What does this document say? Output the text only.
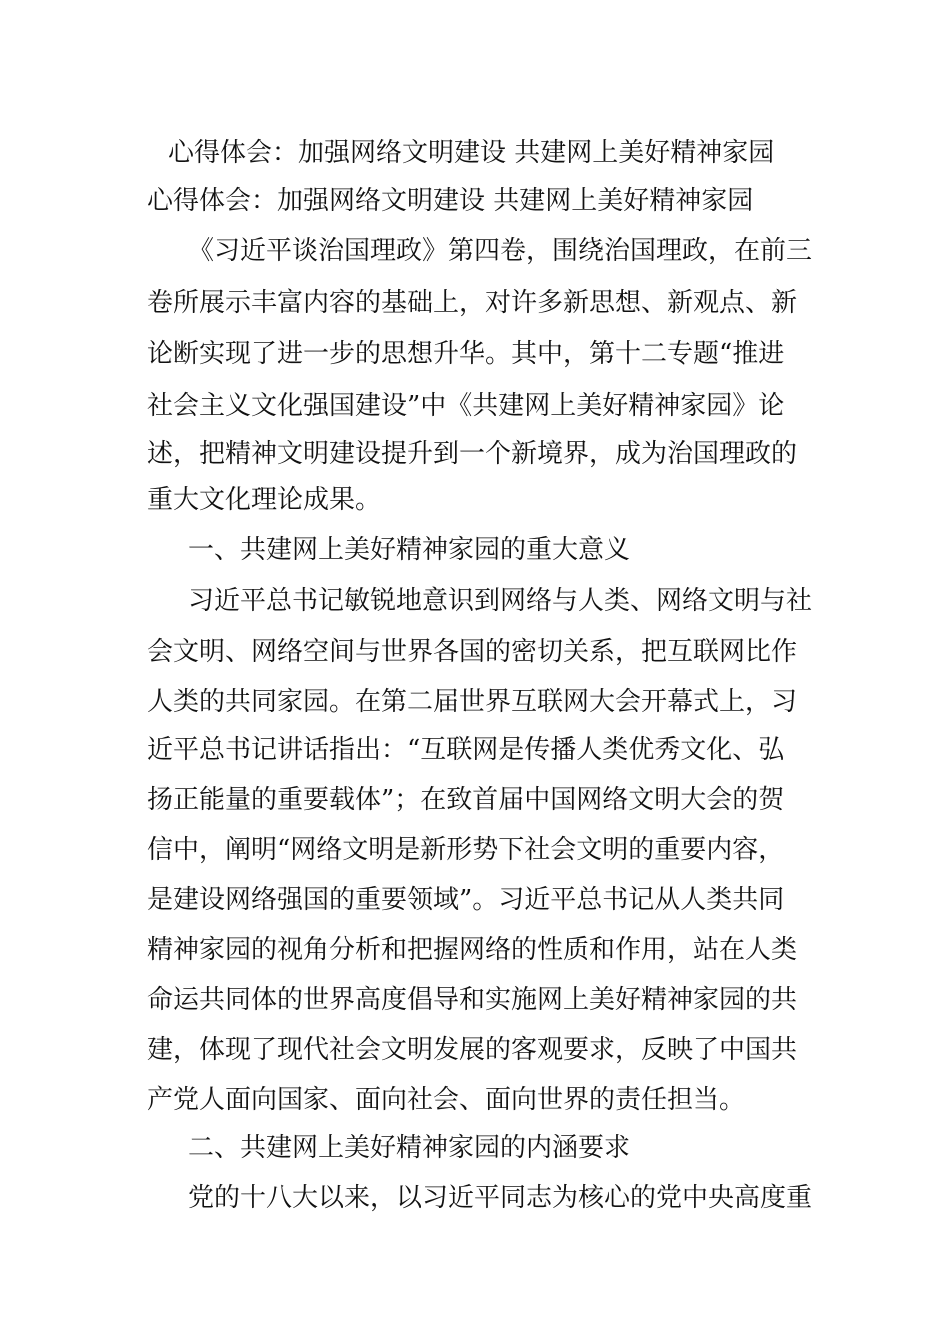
心得体会：加强网络文明建设 共建网上美好精神家园
心得体会：加强网络文明建设 共建网上美好精神家园
《习近平谈治国理政》第四卷，围绕治国理政，在前三
卷所展示丰富内容的基础上，对许多新思想、新观点、新
论断实现了进一步的思想升华。其中，第十二专题“推进
社会主义文化强国建设”中《共建网上美好精神家园》论
述，把精神文明建设提升到一个新境界，成为治国理政的
重大文化理论成果。
一、共建网上美好精神家园的重大意义
习近平总书记敏锐地意识到网络与人类、网络文明与社
会文明、网络空间与世界各国的密切关系，把互联网比作
人类的共同家园。在第二届世界互联网大会开幕式上，习
近平总书记讲话指出：“互联网是传播人类优秀文化、弘
扬正能量的重要载体”；在致首届中国网络文明大会的贺
信中，阐明“网络文明是新形势下社会文明的重要内容，
是建设网络强国的重要领域”。习近平总书记从人类共同
精神家园的视角分析和把握网络的性质和作用，站在人类
命运共同体的世界高度倡导和实施网上美好精神家园的共
建，体现了现代社会文明发展的客观要求，反映了中国共
产党人面向国家、面向社会、面向世界的责任担当。
二、共建网上美好精神家园的内涵要求
党的十八大以来，以习近平同志为核心的党中央高度重
